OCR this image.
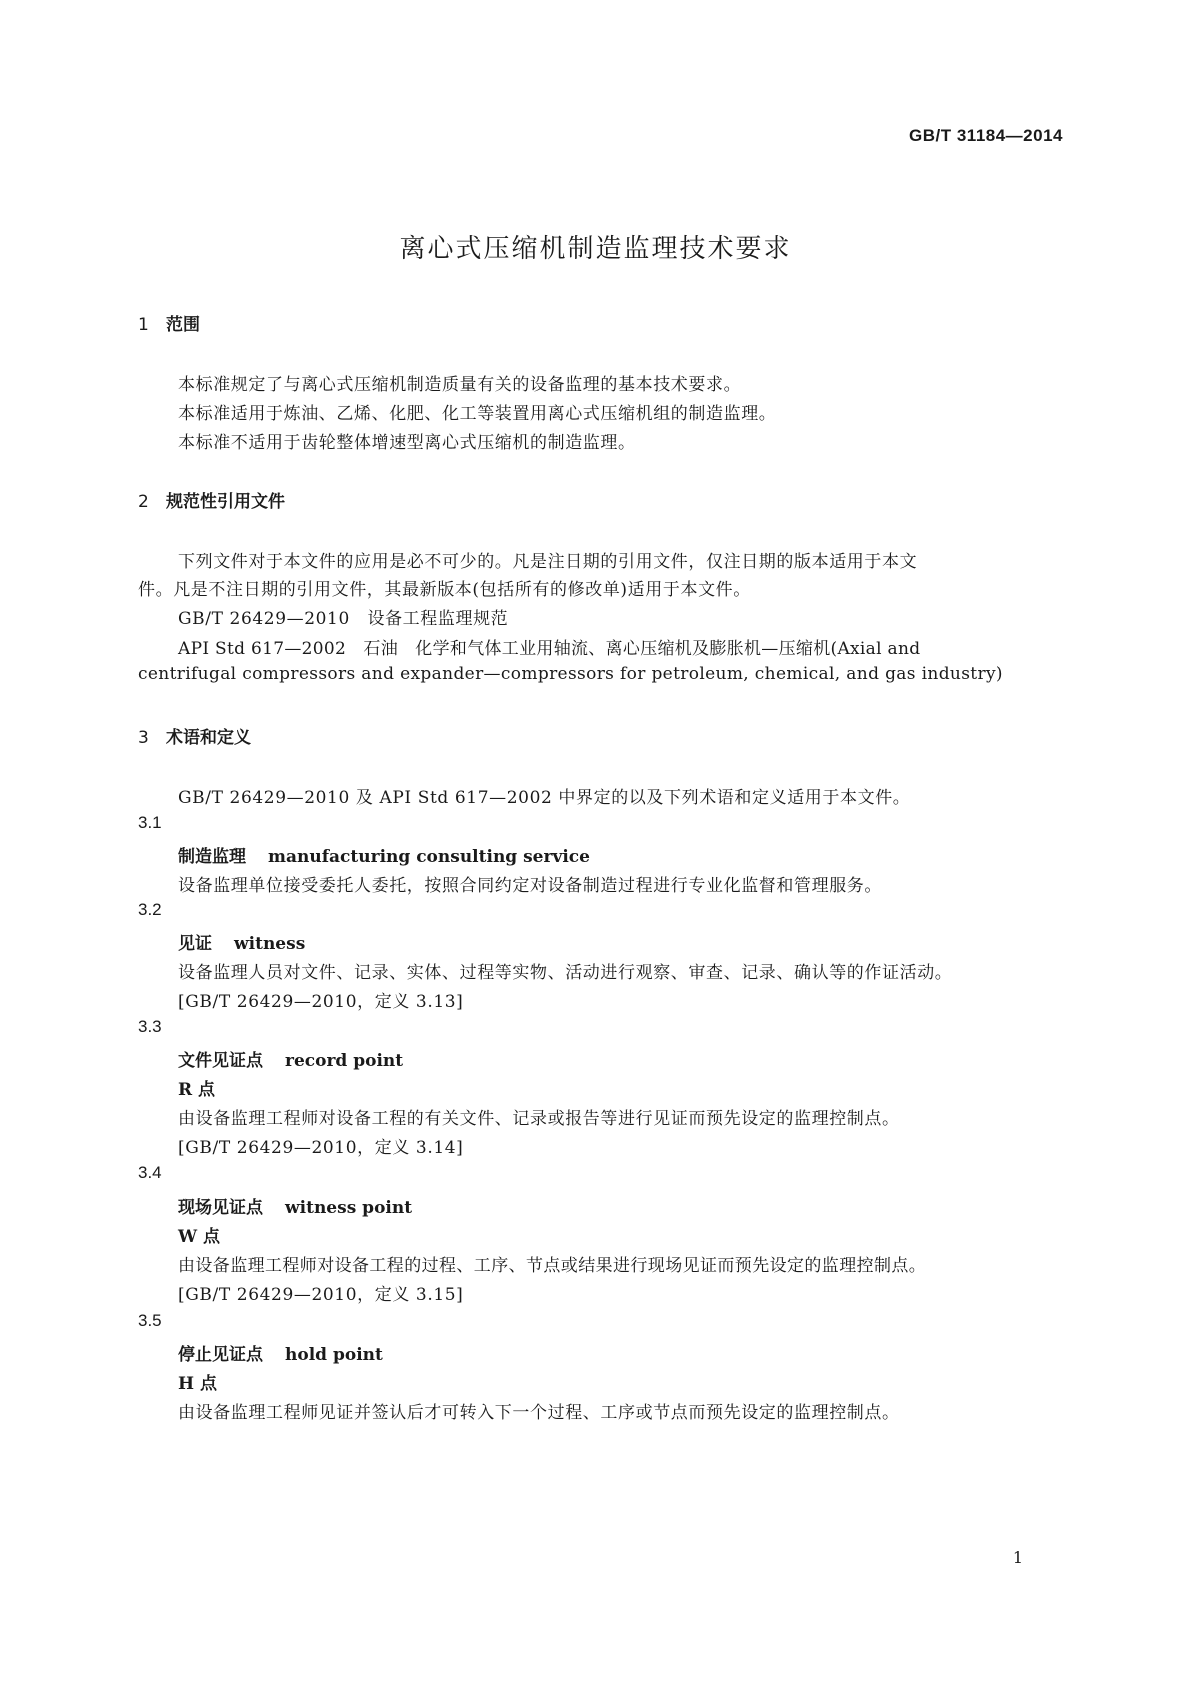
GB/T 31184—2014
离心式压缩机制造监理技术要求
1 范围
本标准规定了与离心式压缩机制造质量有关的设备监理的基本技术要求。
本标准适用于炼油、乙烯、化肥、化工等装置用离心式压缩机组的制造监理。
本标准不适用于齿轮整体增速型离心式压缩机的制造监理。
2 规范性引用文件
下列文件对于本文件的应用是必不可少的。凡是注日期的引用文件，仅注日期的版本适用于本文
件。凡是不注日期的引用文件，其最新版本(包括所有的修改单)适用于本文件。
GB/T 26429—2010　设备工程监理规范
API Std 617—2002　石油　化学和气体工业用轴流、离心压缩机及膨胀机—压缩机(Axial and
centrifugal compressors and expander—compressors for petroleum, chemical, and gas industry)
3 术语和定义
GB/T 26429—2010 及 API Std 617—2002 中界定的以及下列术语和定义适用于本文件。
3.1
制造监理 manufacturing consulting service
设备监理单位接受委托人委托，按照合同约定对设备制造过程进行专业化监督和管理服务。
3.2
见证 witness
设备监理人员对文件、记录、实体、过程等实物、活动进行观察、审查、记录、确认等的作证活动。
[GB/T 26429—2010，定义 3.13]
3.3
文件见证点 record point
R 点
由设备监理工程师对设备工程的有关文件、记录或报告等进行见证而预先设定的监理控制点。
[GB/T 26429—2010，定义 3.14]
3.4
现场见证点 witness point
W 点
由设备监理工程师对设备工程的过程、工序、节点或结果进行现场见证而预先设定的监理控制点。
[GB/T 26429—2010，定义 3.15]
3.5
停止见证点 hold point
H 点
由设备监理工程师见证并签认后才可转入下一个过程、工序或节点而预先设定的监理控制点。
1
